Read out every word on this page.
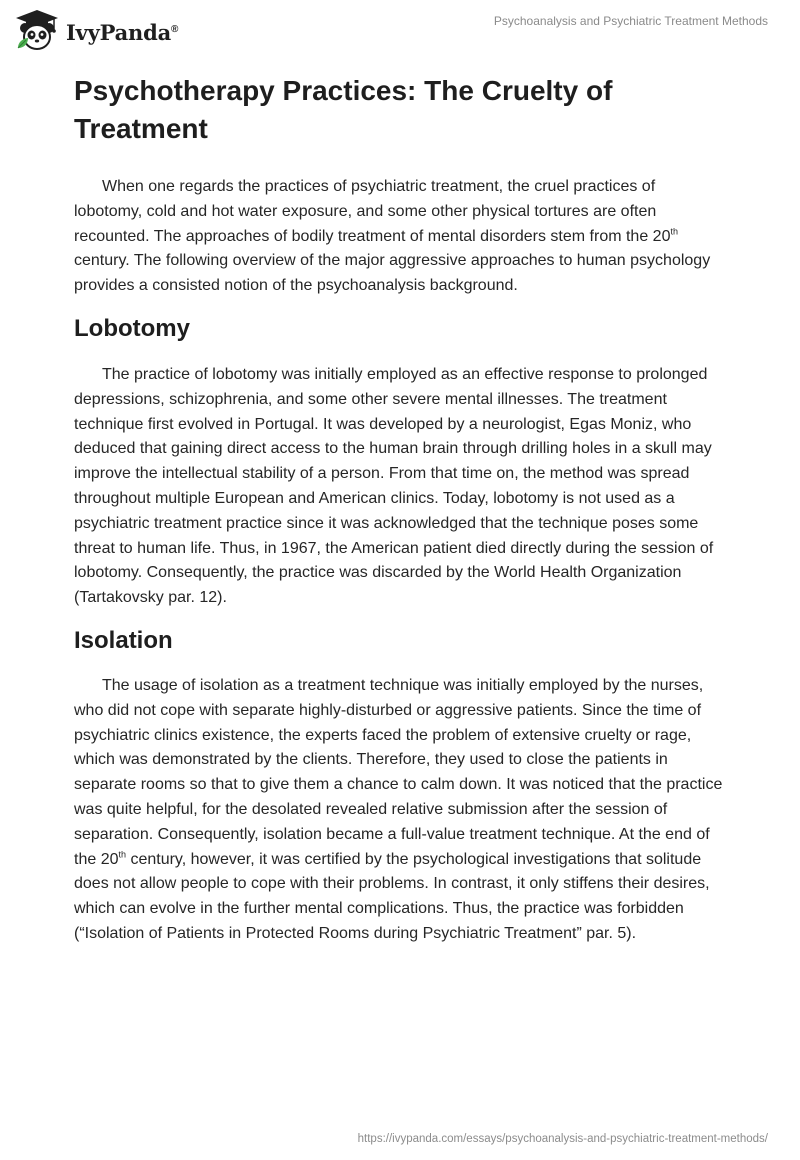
IvyPanda®
Psychoanalysis and Psychiatric Treatment Methods
Psychotherapy Practices: The Cruelty of Treatment

When one regards the practices of psychiatric treatment, the cruel practices of lobotomy, cold and hot water exposure, and some other physical tortures are often recounted. The approaches of bodily treatment of mental disorders stem from the 20th century. The following overview of the major aggressive approaches to human psychology provides a consisted notion of the psychoanalysis background.

Lobotomy

The practice of lobotomy was initially employed as an effective response to prolonged depressions, schizophrenia, and some other severe mental illnesses. The treatment technique first evolved in Portugal. It was developed by a neurologist, Egas Moniz, who deduced that gaining direct access to the human brain through drilling holes in a skull may improve the intellectual stability of a person. From that time on, the method was spread throughout multiple European and American clinics. Today, lobotomy is not used as a psychiatric treatment practice since it was acknowledged that the technique poses some threat to human life. Thus, in 1967, the American patient died directly during the session of lobotomy. Consequently, the practice was discarded by the World Health Organization (Tartakovsky par. 12).

Isolation

The usage of isolation as a treatment technique was initially employed by the nurses, who did not cope with separate highly-disturbed or aggressive patients. Since the time of psychiatric clinics existence, the experts faced the problem of extensive cruelty or rage, which was demonstrated by the clients. Therefore, they used to close the patients in separate rooms so that to give them a chance to calm down. It was noticed that the practice was quite helpful, for the desolated revealed relative submission after the session of separation. Consequently, isolation became a full-value treatment technique. At the end of the 20th century, however, it was certified by the psychological investigations that solitude does not allow people to cope with their problems. In contrast, it only stiffens their desires, which can evolve in the further mental complications. Thus, the practice was forbidden (“Isolation of Patients in Protected Rooms during Psychiatric Treatment” par. 5).

https://ivypanda.com/essays/psychoanalysis-and-psychiatric-treatment-methods/
